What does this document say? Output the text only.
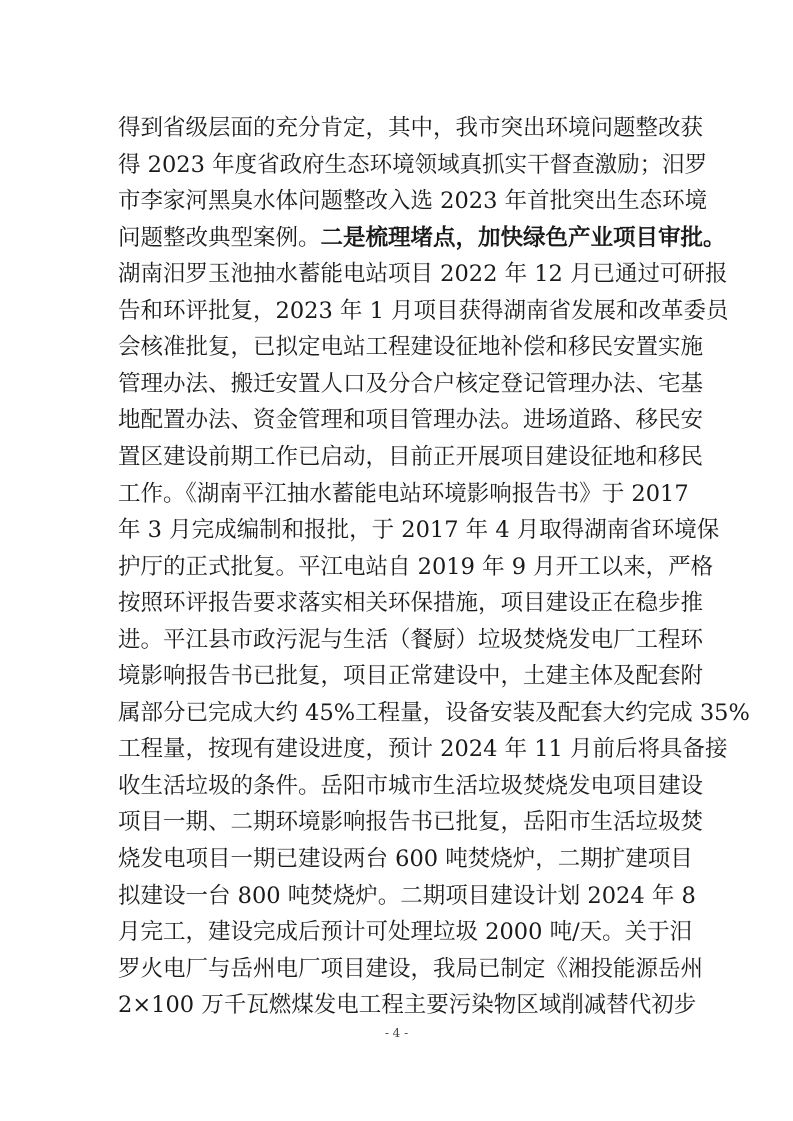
得到省级层面的充分肯定，其中，我市突出环境问题整改获
得 2023 年度省政府生态环境领域真抓实干督查激励；汨罗
市李家河黑臭水体问题整改入选 2023 年首批突出生态环境
问题整改典型案例。二是梳理堵点，加快绿色产业项目审批。
湖南汨罗玉池抽水蓄能电站项目 2022 年 12 月已通过可研报
告和环评批复，2023 年 1 月项目获得湖南省发展和改革委员
会核准批复，已拟定电站工程建设征地补偿和移民安置实施
管理办法、搬迁安置人口及分合户核定登记管理办法、宅基
地配置办法、资金管理和项目管理办法。进场道路、移民安
置区建设前期工作已启动，目前正开展项目建设征地和移民
工作。《湖南平江抽水蓄能电站环境影响报告书》于 2017
年 3 月完成编制和报批，于 2017 年 4 月取得湖南省环境保
护厅的正式批复。平江电站自 2019 年 9 月开工以来，严格
按照环评报告要求落实相关环保措施，项目建设正在稳步推
进。平江县市政污泥与生活（餐厨）垃圾焚烧发电厂工程环
境影响报告书已批复，项目正常建设中，土建主体及配套附
属部分已完成大约 45%工程量，设备安装及配套大约完成 35%
工程量，按现有建设进度，预计 2024 年 11 月前后将具备接
收生活垃圾的条件。岳阳市城市生活垃圾焚烧发电项目建设
项目一期、二期环境影响报告书已批复，岳阳市生活垃圾焚
烧发电项目一期已建设两台 600 吨焚烧炉，二期扩建项目
拟建设一台 800 吨焚烧炉。二期项目建设计划 2024 年 8
月完工，建设完成后预计可处理垃圾 2000 吨/天。关于汨
罗火电厂与岳州电厂项目建设，我局已制定《湘投能源岳州
2×100 万千瓦燃煤发电工程主要污染物区域削减替代初步
- 4 -
